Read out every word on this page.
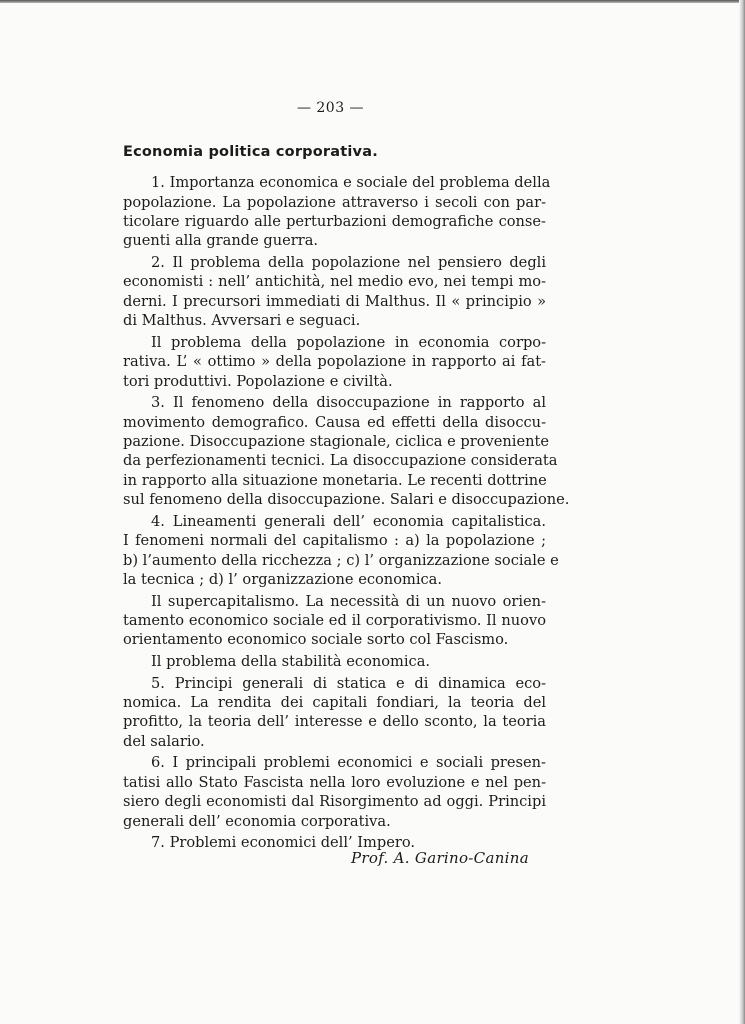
— 203 —
Economia politica corporativa.
1. Importanza economica e sociale del problema della
popolazione. La popolazione attraverso i secoli con par-
ticolare riguardo alle perturbazioni demografiche conse-
guenti alla grande guerra.
2. Il problema della popolazione nel pensiero degli
economisti : nell’ antichità, nel medio evo, nei tempi mo-
derni. I precursori immediati di Malthus. Il « principio »
di Malthus. Avversari e seguaci.
Il problema della popolazione in economia corpo-
rativa. L’ « ottimo » della popolazione in rapporto ai fat-
tori produttivi. Popolazione e civiltà.
3. Il fenomeno della disoccupazione in rapporto al
movimento demografico. Causa ed effetti della disoccu-
pazione. Disoccupazione stagionale, ciclica e proveniente
da perfezionamenti tecnici. La disoccupazione considerata
in rapporto alla situazione monetaria. Le recenti dottrine
sul fenomeno della disoccupazione. Salari e disoccupazione.
4. Lineamenti generali dell’ economia capitalistica.
I fenomeni normali del capitalismo : a) la popolazione ;
b) l’aumento della ricchezza ; c) l’ organizzazione sociale e
la tecnica ; d) l’ organizzazione economica.
Il supercapitalismo. La necessità di un nuovo orien-
tamento economico sociale ed il corporativismo. Il nuovo
orientamento economico sociale sorto col Fascismo.
Il problema della stabilità economica.
5. Principi generali di statica e di dinamica eco-
nomica. La rendita dei capitali fondiari, la teoria del
profitto, la teoria dell’ interesse e dello sconto, la teoria
del salario.
6. I principali problemi economici e sociali presen-
tatisi allo Stato Fascista nella loro evoluzione e nel pen-
siero degli economisti dal Risorgimento ad oggi. Principi
generali dell’ economia corporativa.
7. Problemi economici dell’ Impero.
Prof. A. Garino-Canina
